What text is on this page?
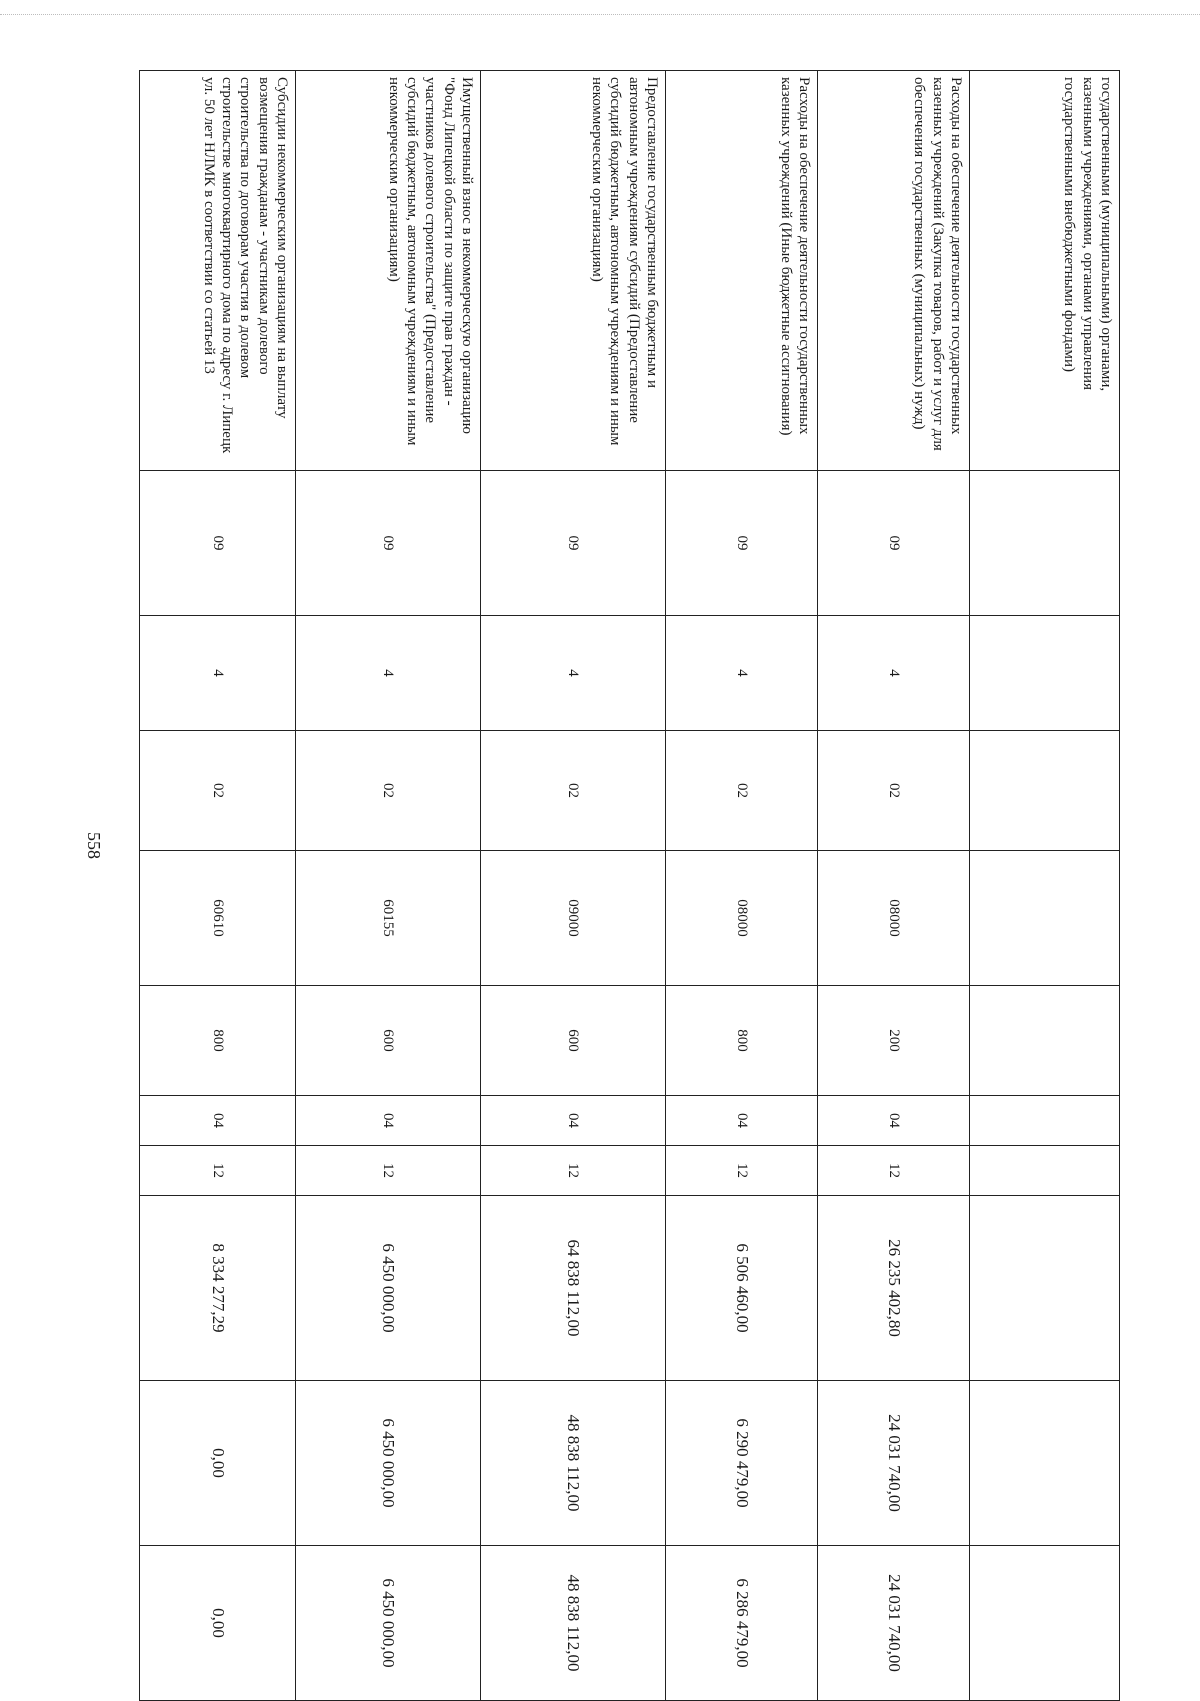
558
государственными (муниципальными) органами, казенными учреждениями, органами управления государственными внебюджетными фондами)										
Расходы на обеспечение деятельности государственных казенных учреждений (Закупка товаров, работ и услуг для обеспечения государственных (муниципальных) нужд)	09	4	02	08000	200	04	12	26 235 402,80	24 031 740,00	24 031 740,00
Расходы на обеспечение деятельности государственных казенных учреждений (Иные бюджетные ассигнования)	09	4	02	08000	800	04	12	6 506 460,00	6 290 479,00	6 286 479,00
Предоставление государственным бюджетным и автономным учреждениям субсидий (Предоставление субсидий бюджетным, автономным учреждениям и иным некоммерческим организациям)	09	4	02	09000	600	04	12	64 838 112,00	48 838 112,00	48 838 112,00
Имущественный взнос в некоммерческую организацию "Фонд Липецкой области по защите прав граждан - участников долевого строительства" (Предоставление субсидий бюджетным, автономным учреждениям и иным некоммерческим организациям)	09	4	02	60155	600	04	12	6 450 000,00	6 450 000,00	6 450 000,00
Субсидии некоммерческим организациям на выплату возмещения гражданам - участникам долевого строительства по договорам участия в долевом строительстве многоквартирного дома по адресу г. Липецк ул. 50 лет НЛМК в соответствии со статьей 13	09	4	02	60610	800	04	12	8 334 277,29	0,00	0,00
